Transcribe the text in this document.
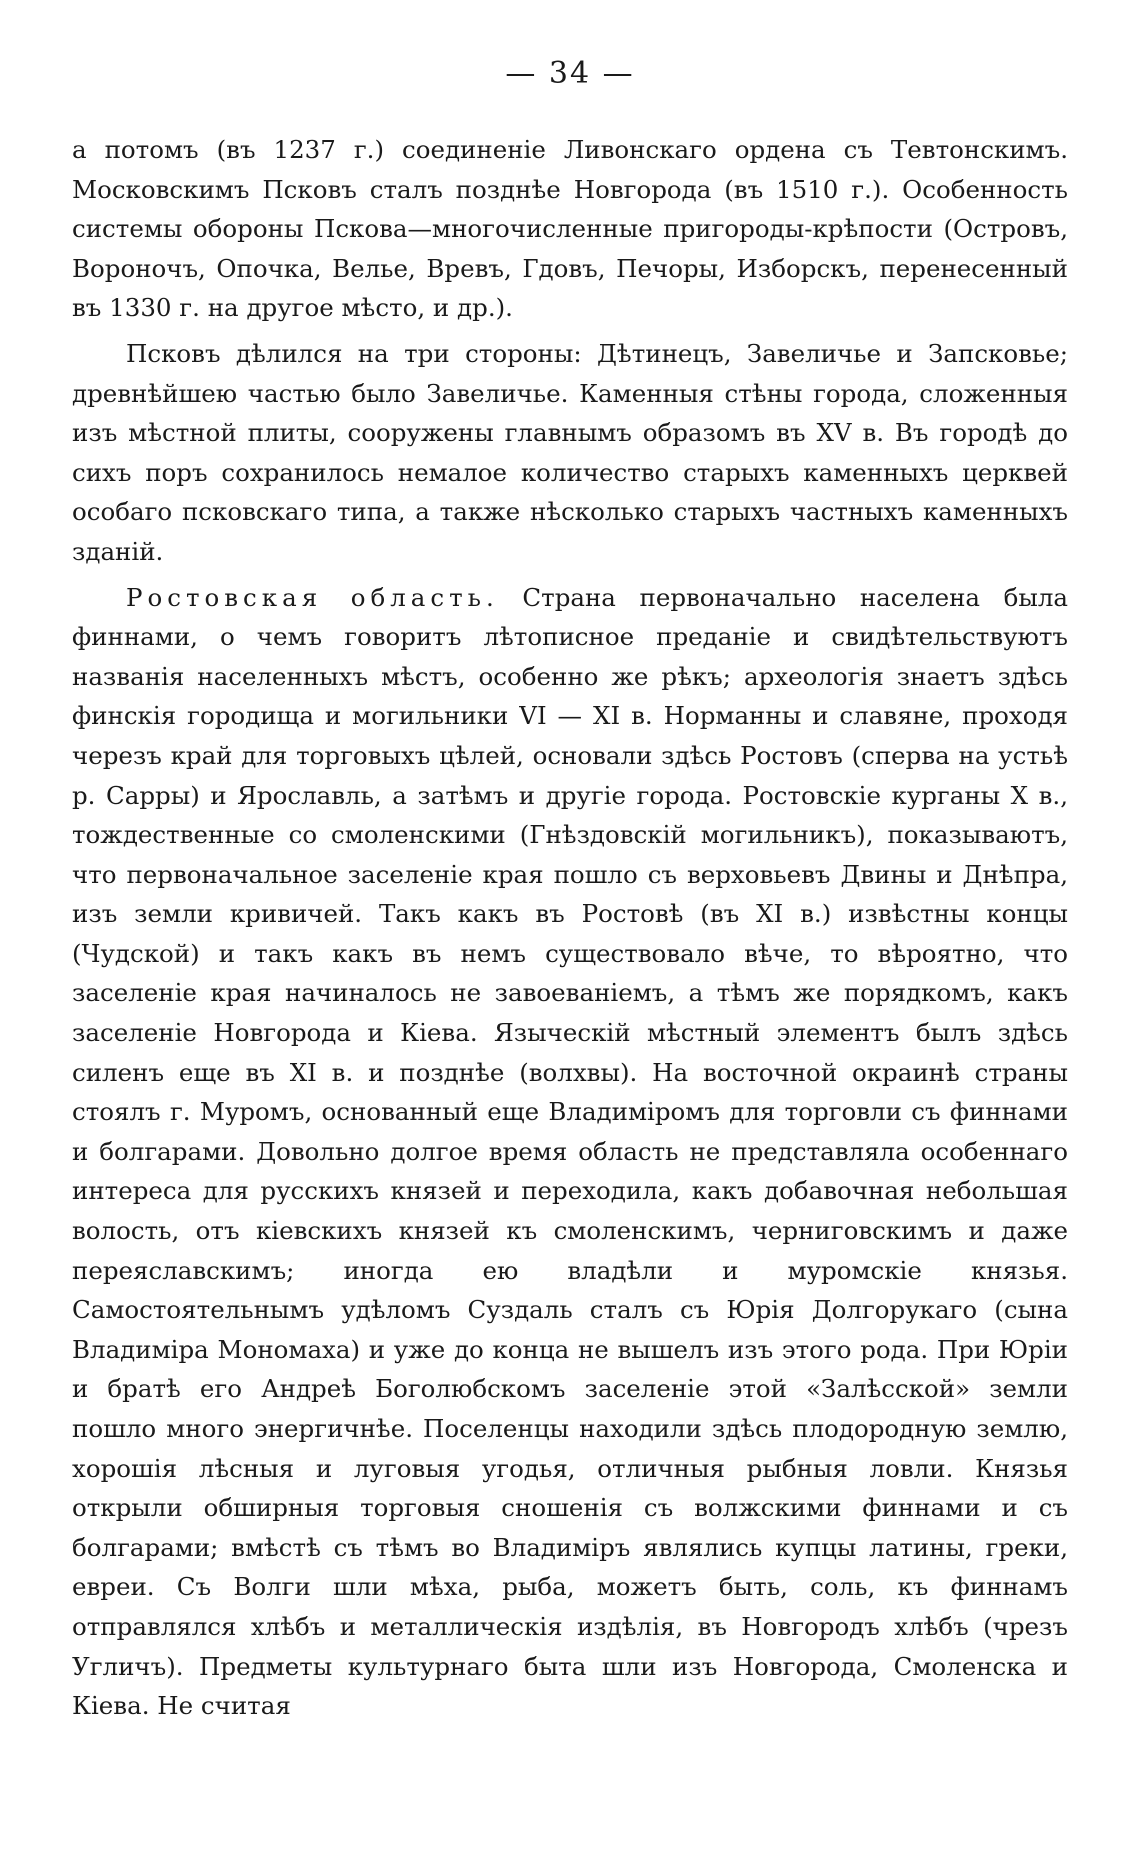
— 34 —

а потомъ (въ 1237 г.) соединенiе Ливонскаго ордена съ Тевтонскимъ. Московскимъ Псковъ сталъ позднѣе Новгорода (въ 1510 г.). Особенность системы обороны Пскова—многочисленные пригороды-крѣпости (Островъ, Вороночъ, Опочка, Велье, Вревъ, Гдовъ, Печоры, Изборскъ, перенесенный въ 1330 г. на другое мѣсто, и др.).

Псковъ дѣлился на три стороны: Дѣтинецъ, Завеличье и Запсковье; древнѣйшею частью было Завеличье. Каменныя стѣны города, сложенныя изъ мѣстной плиты, сооружены главнымъ образомъ въ XV в. Въ городѣ до сихъ поръ сохранилось немалое количество старыхъ каменныхъ церквей особаго псковскаго типа, а также нѣсколько старыхъ частныхъ каменныхъ зданiй.

Ростовская область. Страна первоначально населена была финнами, о чемъ говоритъ лѣтописное преданiе и свидѣтельствуютъ названiя населенныхъ мѣстъ, особенно же рѣкъ; археологiя знаетъ здѣсь финскiя городища и могильники VI — XI в. Норманны и славяне, проходя черезъ край для торговыхъ цѣлей, основали здѣсь Ростовъ (сперва на устьѣ р. Сарры) и Ярославль, а затѣмъ и другiе города. Ростовскiе курганы X в., тождественные со смоленскими (Гнѣздовскiй могильникъ), показываютъ, что первоначальное заселенiе края пошло съ верховьевъ Двины и Днѣпра, изъ земли кривичей. Такъ какъ въ Ростовѣ (въ XI в.) извѣстны концы (Чудской) и такъ какъ въ немъ существовало вѣче, то вѣроятно, что заселенiе края начиналось не завоеванiемъ, а тѣмъ же порядкомъ, какъ заселенiе Новгорода и Кiева. Языческiй мѣстный элементъ былъ здѣсь силенъ еще въ XI в. и позднѣе (волхвы). На восточной окраинѣ страны стоялъ г. Муромъ, основанный еще Владимiромъ для торговли съ финнами и болгарами. Довольно долгое время область не представляла особеннаго интереса для русскихъ князей и переходила, какъ добавочная небольшая волость, отъ кiевскихъ князей къ смоленскимъ, черниговскимъ и даже переяславскимъ; иногда ею владѣли и муромскiе князья. Самостоятельнымъ удѣломъ Суздаль сталъ съ Юрiя Долгорукаго (сына Владимiра Мономаха) и уже до конца не вышелъ изъ этого рода. При Юрiи и братѣ его Андреѣ Боголюбскомъ заселенiе этой «Залѣсской» земли пошло много энергичнѣе. Поселенцы находили здѣсь плодородную землю, хорошiя лѣсныя и луговыя угодья, отличныя рыбныя ловли. Князья открыли обширныя торговыя сношенiя съ волжскими финнами и съ болгарами; вмѣстѣ съ тѣмъ во Владимiръ являлись купцы латины, греки, евреи. Съ Волги шли мѣха, рыба, можетъ быть, соль, къ финнамъ отправлялся хлѣбъ и металлическiя издѣлiя, въ Новгородъ хлѣбъ (чрезъ Угличъ). Предметы культурнаго быта шли изъ Новгорода, Смоленска и Кiева. Не считая
